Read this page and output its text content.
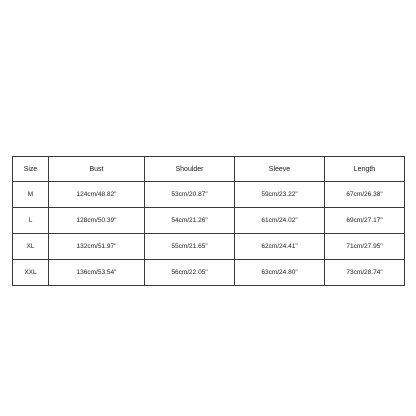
Size	Bust	Shoulder	Sleeve	Length
M	124cm/48.82"	53cm/20.87"	59cm/23.22"	67cm/26.38"
L	128cm/50.39"	54cm/21.26"	61cm/24.02"	69cm/27.17"
XL	132cm/51.97"	55cm/21.65"	62cm/24.41"	71cm/27.95"
XXL	136cm/53.54"	56cm/22.05"	63cm/24.80"	73cm/28.74"
